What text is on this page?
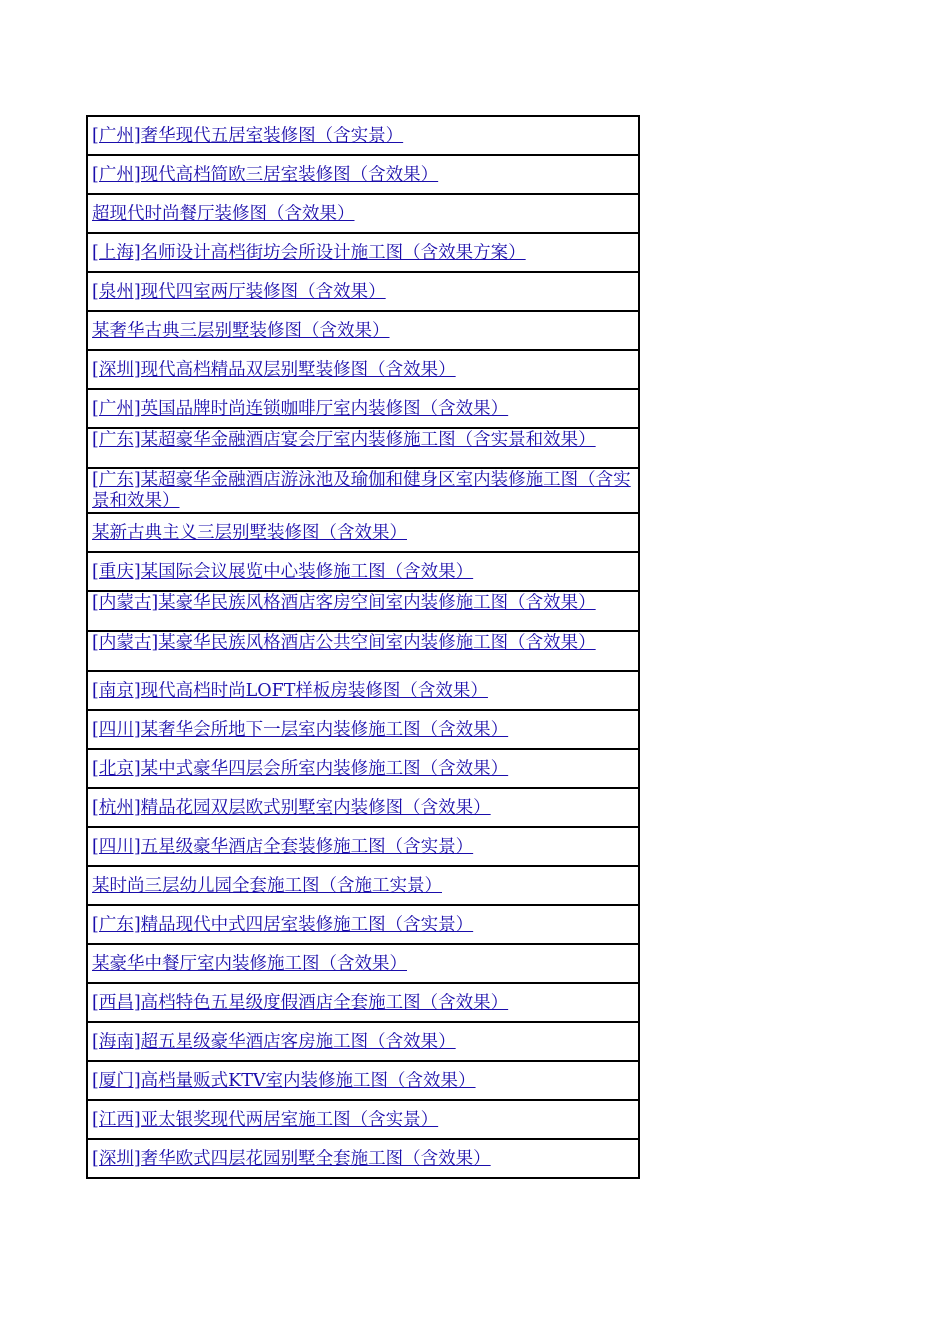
[广州]奢华现代五居室装修图（含实景）
[广州]现代高档简欧三居室装修图（含效果）
超现代时尚餐厅装修图（含效果）
[上海]名师设计高档街坊会所设计施工图（含效果方案）
[泉州]现代四室两厅装修图（含效果）
某奢华古典三层别墅装修图（含效果）
[深圳]现代高档精品双层别墅装修图（含效果）
[广州]英国品牌时尚连锁咖啡厅室内装修图（含效果）

[广东]某超豪华金融酒店宴会厅室内装修施工图（含实景和效果）

[广东]某超豪华金融酒店游泳池及瑜伽和健身区室内装修施工图（含实景和效果）

某新古典主义三层别墅装修图（含效果）
[重庆]某国际会议展览中心装修施工图（含效果）

[内蒙古]某豪华民族风格酒店客房空间室内装修施工图（含效果）

[内蒙古]某豪华民族风格酒店公共空间室内装修施工图（含效果）

[南京]现代高档时尚LOFT样板房装修图（含效果）
[四川]某奢华会所地下一层室内装修施工图（含效果）
[北京]某中式豪华四层会所室内装修施工图（含效果）
[杭州]精品花园双层欧式别墅室内装修图（含效果）
[四川]五星级豪华酒店全套装修施工图（含实景）
某时尚三层幼儿园全套施工图（含施工实景）
[广东]精品现代中式四居室装修施工图（含实景）
某豪华中餐厅室内装修施工图（含效果）
[西昌]高档特色五星级度假酒店全套施工图（含效果）
[海南]超五星级豪华酒店客房施工图（含效果）
[厦门]高档量贩式KTV室内装修施工图（含效果）
[江西]亚太银奖现代两居室施工图（含实景）
[深圳]奢华欧式四层花园别墅全套施工图（含效果）
